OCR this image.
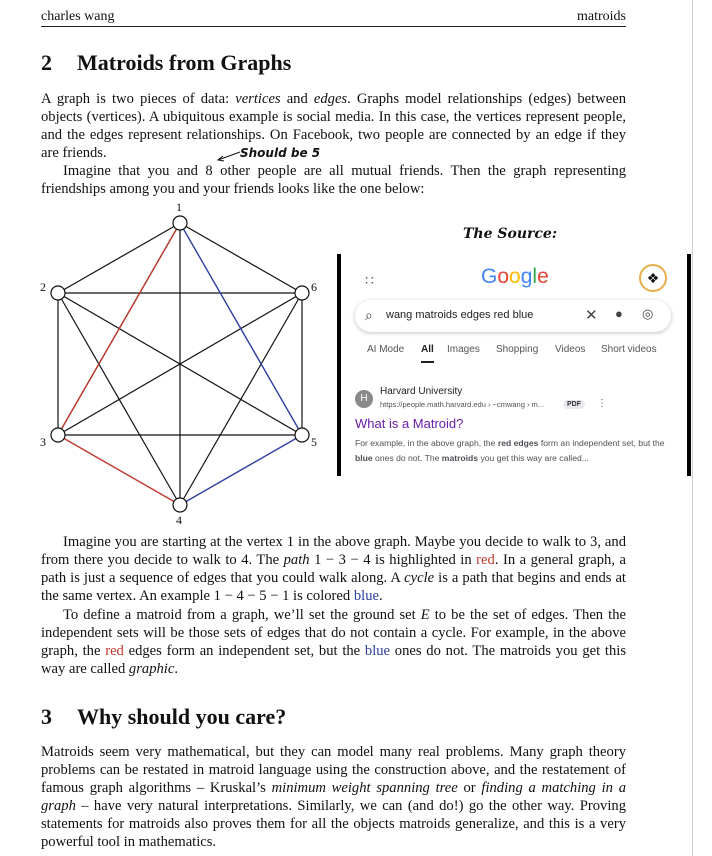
charles wang	matroids
2 Matroids from Graphs

A graph is two pieces of data: vertices and edges. Graphs model relationships (edges) between objects (vertices). A ubiquitous example is social media. In this case, the vertices represent people, and the edges represent relationships. On Facebook, two people are connected by an edge if they are friends.

Imagine that you and 8 other people are all mutual friends. Then the graph representing friendships among you and your friends looks like the one below:

Should be 5
1
2
3
4
5
6
The Source:
∷	Google	❖
⌕ wang matroids edges red blue	✕ ● ◎
AI Mode All Images Shopping Videos Short videos
H
Harvard University
https://people.math.harvard.edu › ~cmwang › m...	PDF	⋮
What is a Matroid?
For example, in the above graph, the red edges form an independent set, but the blue ones do not. The matroids you get this way are called...

Imagine you are starting at the vertex 1 in the above graph. Maybe you decide to walk to 3, and from there you decide to walk to 4. The path 1 − 3 − 4 is highlighted in red. In a general graph, a path is just a sequence of edges that you could walk along. A cycle is a path that begins and ends at the same vertex. An example 1 − 4 − 5 − 1 is colored blue.

To define a matroid from a graph, we’ll set the ground set E to be the set of edges. Then the independent sets will be those sets of edges that do not contain a cycle. For example, in the above graph, the red edges form an independent set, but the blue ones do not. The matroids you get this way are called graphic.

3 Why should you care?

Matroids seem very mathematical, but they can model many real problems. Many graph theory problems can be restated in matroid language using the construction above, and the restatement of famous graph algorithms – Kruskal’s minimum weight spanning tree or finding a matching in a graph – have very natural interpretations. Similarly, we can (and do!) go the other way. Proving statements for matroids also proves them for all the objects matroids generalize, and this is a very powerful tool in mathematics.
